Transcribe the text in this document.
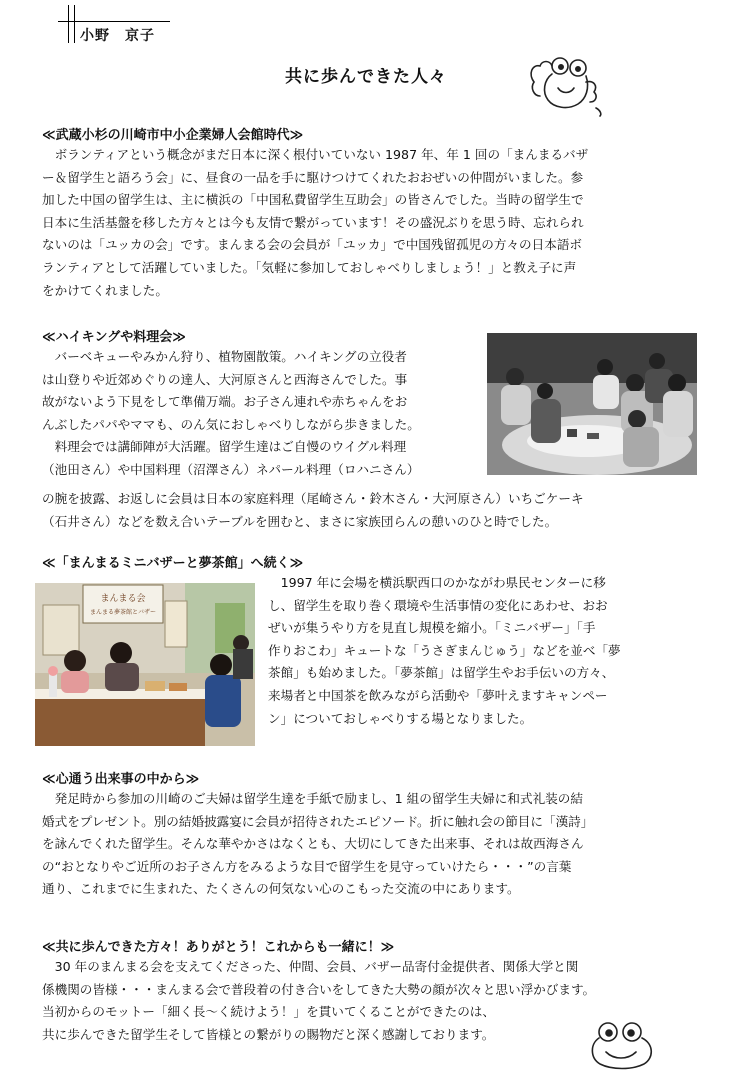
小野　京子
共に歩んできた人々
≪武蔵小杉の川崎市中小企業婦人会館時代≫
　ボランティアという概念がまだ日本に深く根付いていない 1987 年、年 1 回の「まんまるバザ
ー＆留学生と語ろう会」に、昼食の一品を手に駆けつけてくれたおおぜいの仲間がいました。参
加した中国の留学生は、主に横浜の「中国私費留学生互助会」の皆さんでした。当時の留学生で
日本に生活基盤を移した方々とは今も友情で繋がっています！その盛況ぶりを思う時、忘れられ
ないのは「ユッカの会」です。まんまる会の会員が「ユッカ」で中国残留孤児の方々の日本語ボ
ランティアとして活躍していました。「気軽に参加しておしゃべりしましょう！」と教え子に声
をかけてくれました。
≪ハイキングや料理会≫
　バーベキューやみかん狩り、植物園散策。ハイキングの立役者
は山登りや近郊めぐりの達人、大河原さんと西海さんでした。事
故がないよう下見をして準備万端。お子さん連れや赤ちゃんをお
んぶしたパパやママも、のん気におしゃべりしながら歩きました。
　料理会では講師陣が大活躍。留学生達はご自慢のウイグル料理
（池田さん）や中国料理（沼澤さん）ネパール料理（ロハニさん）
の腕を披露、お返しに会員は日本の家庭料理（尾崎さん・鈴木さん・大河原さん）いちごケーキ
（石井さん）などを数え合いテーブルを囲むと、まさに家族団らんの憩いのひと時でした。
≪「まんまるミニバザーと夢茶館」へ続く≫
　1997 年に会場を横浜駅西口のかながわ県民センターに移
し、留学生を取り巻く環境や生活事情の変化にあわせ、おお
ぜいが集うやり方を見直し規模を縮小。「ミニバザー」「手
作りおこわ」キュートな「うさぎまんじゅう」などを並べ「夢
茶館」も始めました。「夢茶館」は留学生やお手伝いの方々、
来場者と中国茶を飲みながら活動や「夢叶えますキャンペー
ン」についておしゃべりする場となりました。
まんまる会
まんまる夢茶館とバザー
≪心通う出来事の中から≫
　発足時から参加の川崎のご夫婦は留学生達を手紙で励まし、1 組の留学生夫婦に和式礼装の結
婚式をプレゼント。別の結婚披露宴に会員が招待されたエピソード。折に触れ会の節目に「漢詩」
を詠んでくれた留学生。そんな華やかさはなくとも、大切にしてきた出来事、それは故西海さん
の“おとなりやご近所のお子さん方をみるような目で留学生を見守っていけたら・・・”の言葉
通り、これまでに生まれた、たくさんの何気ない心のこもった交流の中にあります。
≪共に歩んできた方々！ありがとう！これからも一緒に！≫
　30 年のまんまる会を支えてくださった、仲間、会員、バザー品寄付金提供者、関係大学と関
係機関の皆様・・・まんまる会で普段着の付き合いをしてきた大勢の顔が次々と思い浮かびます。
当初からのモットー「細く長～く続けよう！」を貫いてくることができたのは、
共に歩んできた留学生そして皆様との繋がりの賜物だと深く感謝しております。
